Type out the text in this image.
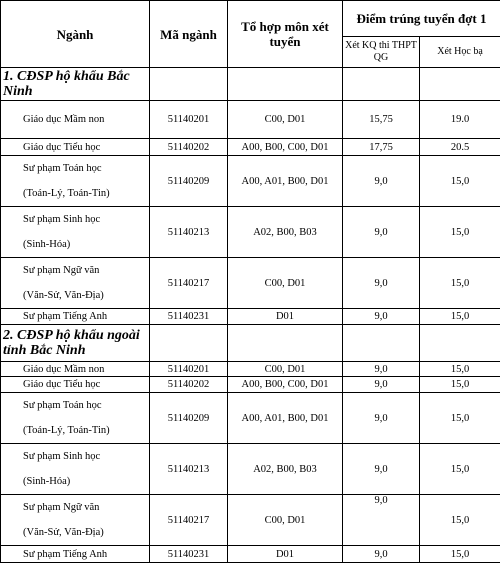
Ngành	Mã ngành	Tổ hợp môn xét tuyển	Điểm trúng tuyển đợt 1	
			Xét KQ thi THPT QG	Xét Học bạ
1. CĐSP hộ khẩu Bắc Ninh				
Giáo dục Mầm non	51140201	C00, D01	15,75	19.0
Giáo dục Tiểu học	51140202	A00, B00, C00, D01	17,75	20.5

Sư phạm Toán học
(Toán-Lý, Toán-Tin)	51140209	A00, A01, B00, D01	9,0	15,0

Sư phạm Sinh học
(Sinh-Hóa)	51140213	A02, B00, B03	9,0	15,0

Sư phạm Ngữ văn
(Văn-Sử, Văn-Địa)	51140217	C00, D01	9,0	15,0
Sư phạm Tiếng Anh	51140231	D01	9,0	15,0
2. CĐSP hộ khẩu ngoài tỉnh Bắc Ninh				
Giáo dục Mầm non	51140201	C00, D01	9,0	15,0
Giáo dục Tiểu học	51140202	A00, B00, C00, D01	9,0	15,0

Sư phạm Toán học
(Toán-Lý, Toán-Tin)	51140209	A00, A01, B00, D01	9,0	15,0

Sư phạm Sinh học
(Sinh-Hóa)	51140213	A02, B00, B03	9,0	15,0

Sư phạm Ngữ văn
(Văn-Sử, Văn-Địa)	51140217	C00, D01	9,0	15,0
Sư phạm Tiếng Anh	51140231	D01	9,0	15,0
